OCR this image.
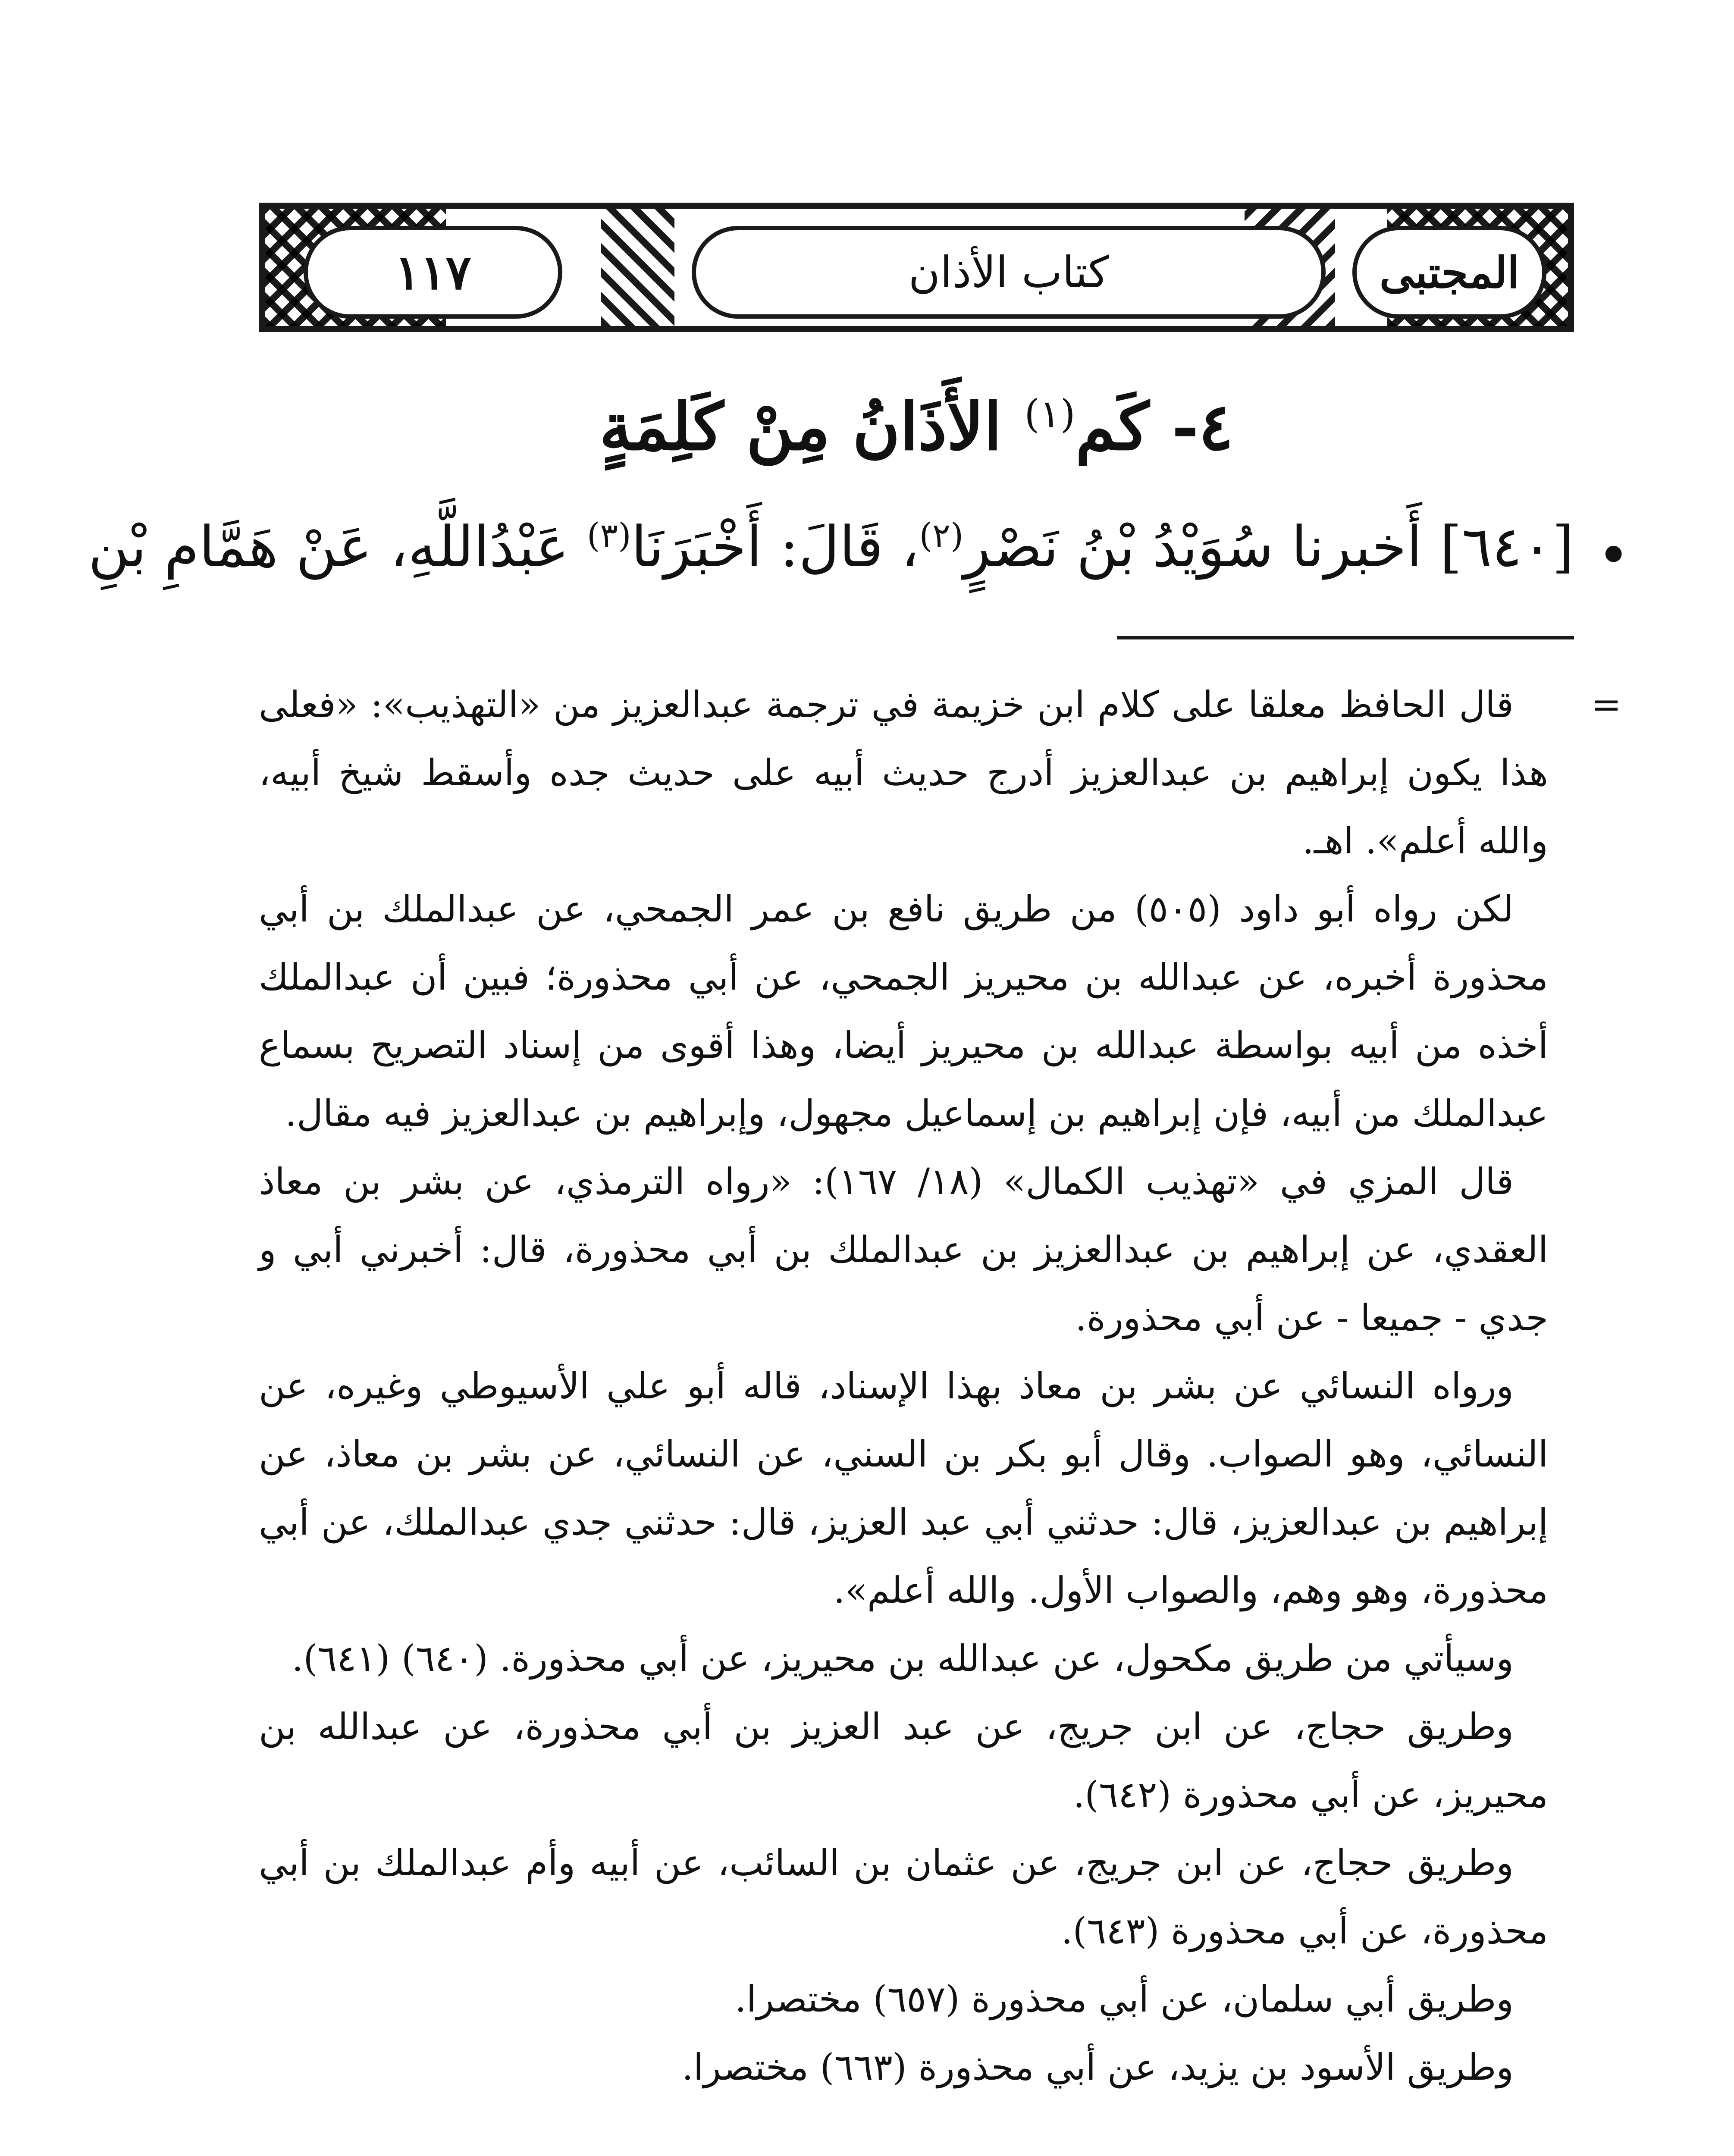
١١٧	كتاب الأذان	المجتبى
٤- كَم$^{(١)}$ الأَذَانُ مِنْ كَلِمَةٍ
•
[٦٤٠] أَخبرنا سُوَيْدُ بْنُ نَصْرٍ$^{(٢)}$، قَالَ: أَخْبَرَنَا$^{(٣)}$ عَبْدُاللَّهِ، عَنْ هَمَّامِ بْنِ
=

قال الحافظ معلقا على كلام ابن خزيمة في ترجمة عبدالعزيز من «التهذيب»: «فعلى هذا يكون إبراهيم بن عبدالعزيز أدرج حديث أبيه على حديث جده وأسقط شيخ أبيه، والله أعلم». اهـ.

لكن رواه أبو داود (٥٠٥) من طريق نافع بن عمر الجمحي، عن عبدالملك بن أبي محذورة أخبره، عن عبدالله بن محيريز الجمحي، عن أبي محذورة؛ فبين أن عبدالملك أخذه من أبيه بواسطة عبدالله بن محيريز أيضا، وهذا أقوى من إسناد التصريح بسماع عبدالملك من أبيه، فإن إبراهيم بن إسماعيل مجهول، وإبراهيم بن عبدالعزيز فيه مقال.

قال المزي في «تهذيب الكمال» (١٨/ ١٦٧): «رواه الترمذي، عن بشر بن معاذ العقدي، عن إبراهيم بن عبدالعزيز بن عبدالملك بن أبي محذورة، قال: أخبرني أبي و جدي - جميعا - عن أبي محذورة.

ورواه النسائي عن بشر بن معاذ بهذا الإسناد، قاله أبو علي الأسيوطي وغيره، عن النسائي، وهو الصواب. وقال أبو بكر بن السني، عن النسائي، عن بشر بن معاذ، عن إبراهيم بن عبدالعزيز، قال: حدثني أبي عبد العزيز، قال: حدثني جدي عبدالملك، عن أبي محذورة، وهو وهم، والصواب الأول. والله أعلم».

وسيأتي من طريق مكحول، عن عبدالله بن محيريز، عن أبي محذورة. (٦٤٠) (٦٤١).

وطريق حجاج، عن ابن جريج، عن عبد العزيز بن أبي محذورة، عن عبدالله بن محيريز، عن أبي محذورة (٦٤٢).

وطريق حجاج، عن ابن جريج، عن عثمان بن السائب، عن أبيه وأم عبدالملك بن أبي محذورة، عن أبي محذورة (٦٤٣).

وطريق أبي سلمان، عن أبي محذورة (٦٥٧) مختصرا.

وطريق الأسود بن يزيد، عن أبي محذورة (٦٦٣) مختصرا.
